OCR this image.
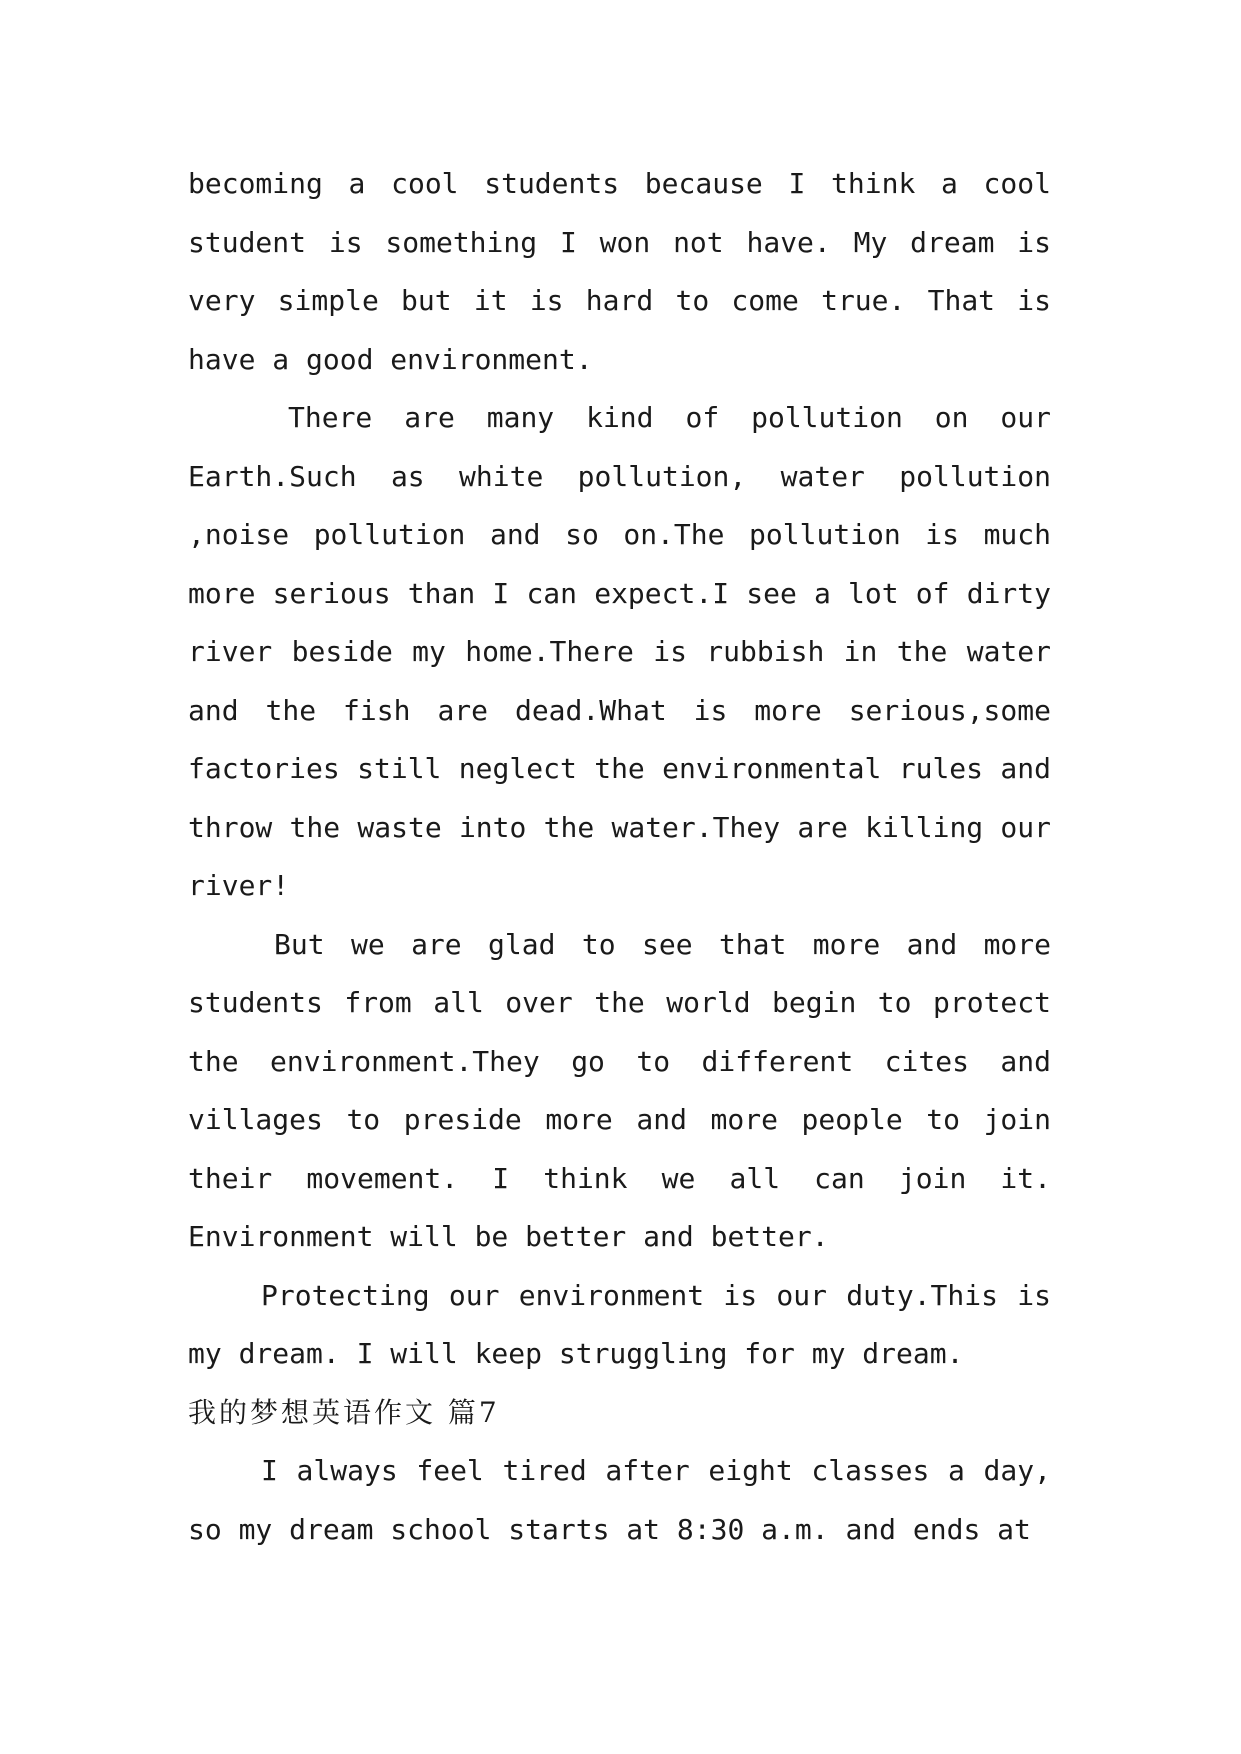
becoming a cool students because I think a cool student is something I won not have. My dream is very simple but it is hard to come true. That is have a good environment.

There are many kind of pollution on our Earth.Such as white pollution, water pollution ,noise pollution and so on.The pollution is much more serious than I can expect.I see a lot of dirty river beside my home.There is rubbish in the water and the fish are dead.What is more serious,some factories still neglect the environmental rules and throw the waste into the water.They are killing our river!

But we are glad to see that more and more students from all over the world begin to protect the environment.They go to different cites and villages to preside more and more people to join their movement. I think we all can join it. Environment will be better and better.

Protecting our environment is our duty.This is my dream. I will keep struggling for my dream.

我的梦想英语作文 篇7

I always feel tired after eight classes a day, so my dream school starts at 8:30 a.m. and ends at
